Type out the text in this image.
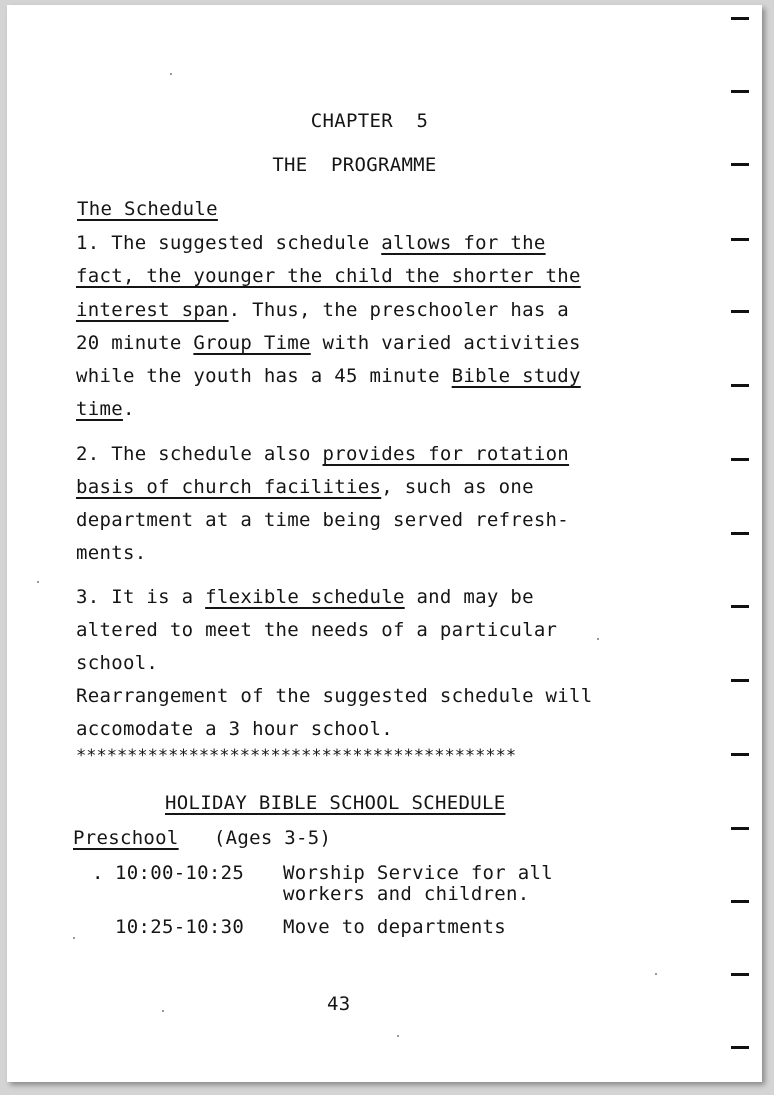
CHAPTER  5
THE  PROGRAMME
The Schedule
1. The suggested schedule allows for the
fact, the younger the child the shorter the
interest span. Thus, the preschooler has a
20 minute Group Time with varied activities
while the youth has a 45 minute Bible study
time.
2. The schedule also provides for rotation
basis of church facilities, such as one
department at a time being served refresh-
ments.
3. It is a flexible schedule and may be
altered to meet the needs of a particular
school.
Rearrangement of the suggested schedule will
accomodate a 3 hour school.
*******************************************
HOLIDAY BIBLE SCHOOL SCHEDULE
Preschool (Ages 3-5)
. 10:00-10:25 Worship Service for all
workers and children.
10:25-10:30 Move to departments
43
